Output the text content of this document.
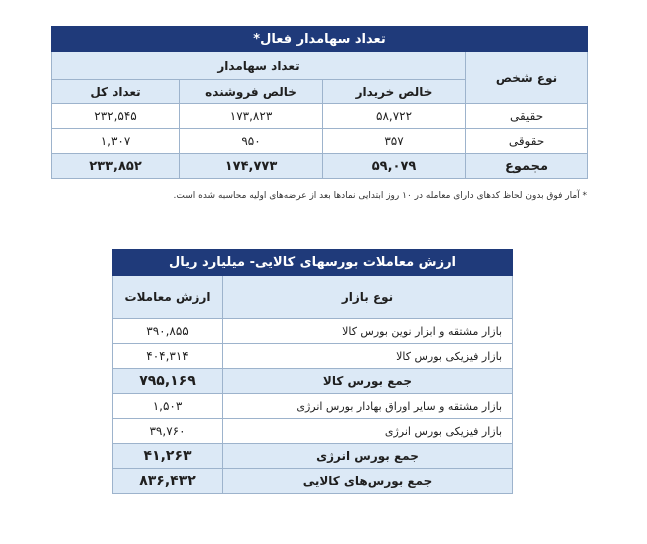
تعداد سهامدار فعال*			
نوع شخص	تعداد سهامدار		
	خالص خریدار	خالص فروشنده	تعداد کل
حقیقی	۵۸,۷۲۲	۱۷۳,۸۲۳	۲۳۲,۵۴۵
حقوقی	۳۵۷	۹۵۰	۱,۳۰۷
مجموع	۵۹,۰۷۹	۱۷۴,۷۷۳	۲۳۳,۸۵۲
* آمار فوق بدون لحاظ کدهای دارای معامله در ۱۰ روز ابتدایی نمادها بعد از عرضه‌های اولیه محاسبه شده است.
ارزش معاملات بورسهای کالایی- میلیارد ریال	
نوع بازار	ارزش معاملات
بازار مشتقه و ابزار نوین بورس کالا	۳۹۰,۸۵۵
بازار فیزیکی بورس کالا	۴۰۴,۳۱۴
جمع بورس کالا	۷۹۵,۱۶۹
بازار مشتقه و سایر اوراق بهادار بورس انرژی	۱,۵۰۳
بازار فیزیکی بورس انرژی	۳۹,۷۶۰
جمع بورس انرژی	۴۱,۲۶۳
جمع بورس‌های کالایی	۸۳۶,۴۳۲
